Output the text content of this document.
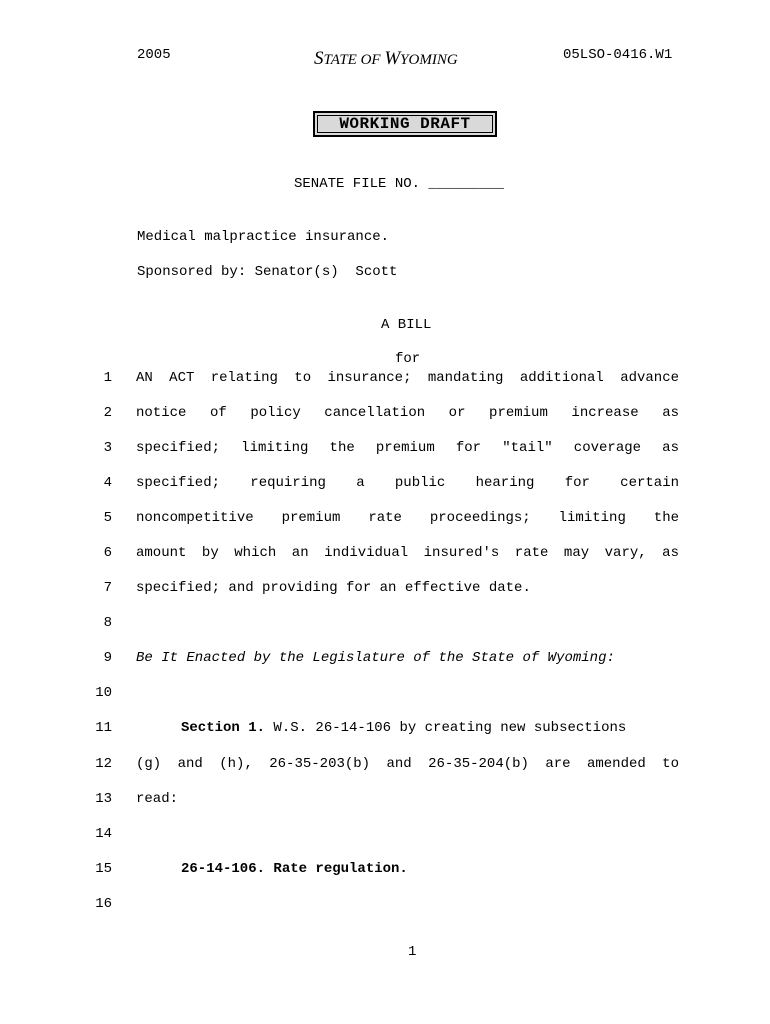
2005	STATE OF WYOMING	05LSO-0416.W1
WORKING DRAFT
SENATE FILE NO. _________
Medical malpractice insurance.
Sponsored by: Senator(s)  Scott
A BILL
for
1 AN ACT relating to insurance; mandating additional advance
2 notice of policy cancellation or premium increase as
3 specified; limiting the premium for "tail" coverage as
4 specified; requiring a public hearing for certain
5 noncompetitive premium rate proceedings; limiting the
6 amount by which an individual insured's rate may vary, as
7 specified; and providing for an effective date.
8
9 Be It Enacted by the Legislature of the State of Wyoming:
10
11	Section 1. W.S. 26-14-106 by creating new subsections
12 (g) and (h), 26-35-203(b) and 26-35-204(b) are amended to
13 read:
14
15	26-14-106. Rate regulation.
16
1
